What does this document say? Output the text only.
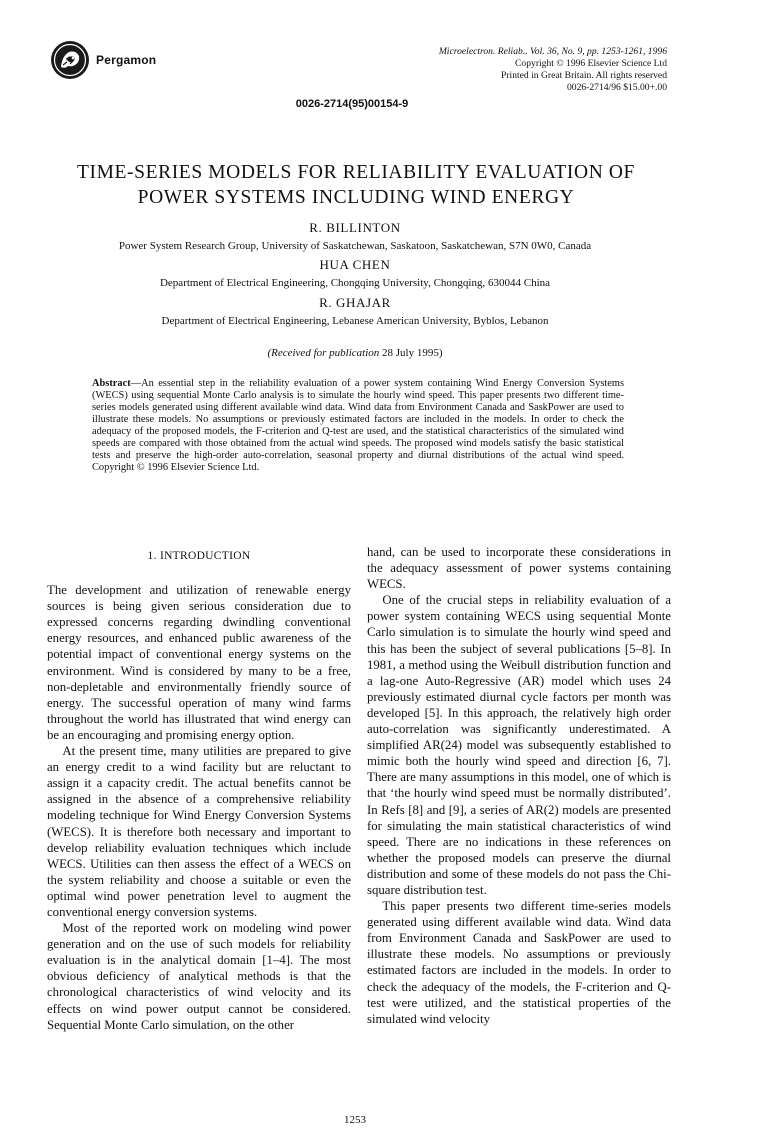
Pergamon
Microelectron. Reliab.. Vol. 36, No. 9, pp. 1253-1261, 1996
Copyright © 1996 Elsevier Science Ltd
Printed in Great Britain. All rights reserved
0026-2714/96 $15.00+.00
0026-2714(95)00154-9
TIME-SERIES MODELS FOR RELIABILITY EVALUATION OF
POWER SYSTEMS INCLUDING WIND ENERGY
R. BILLINTON
Power System Research Group, University of Saskatchewan, Saskatoon, Saskatchewan, S7N 0W0, Canada
HUA CHEN
Department of Electrical Engineering, Chongqing University, Chongqing, 630044 China
R. GHAJAR
Department of Electrical Engineering, Lebanese American University, Byblos, Lebanon
(Received for publication 28 July 1995)
Abstract—An essential step in the reliability evaluation of a power system containing Wind Energy Conversion Systems (WECS) using sequential Monte Carlo analysis is to simulate the hourly wind speed. This paper presents two different time-series models generated using different available wind data. Wind data from Environment Canada and SaskPower are used to illustrate these models. No assumptions or previously estimated factors are included in the models. In order to check the adequacy of the proposed models, the F-criterion and Q-test are used, and the statistical characteristics of the simulated wind speeds are compared with those obtained from the actual wind speeds. The proposed wind models satisfy the basic statistical tests and preserve the high-order auto-correlation, seasonal property and diurnal distributions of the actual wind speed. Copyright © 1996 Elsevier Science Ltd.
1. INTRODUCTION

The development and utilization of renewable energy sources is being given serious consideration due to expressed concerns regarding dwindling conventional energy resources, and enhanced public awareness of the potential impact of conventional energy systems on the environment. Wind is considered by many to be a free, non-depletable and environmentally friendly source of energy. The successful operation of many wind farms throughout the world has illustrated that wind energy can be an encouraging and promising energy option.

At the present time, many utilities are prepared to give an energy credit to a wind facility but are reluctant to assign it a capacity credit. The actual benefits cannot be assigned in the absence of a comprehensive reliability modeling technique for Wind Energy Conversion Systems (WECS). It is therefore both necessary and important to develop reliability evaluation techniques which include WECS. Utilities can then assess the effect of a WECS on the system reliability and choose a suitable or even the optimal wind power penetration level to augment the conventional energy conversion systems.

Most of the reported work on modeling wind power generation and on the use of such models for reliability evaluation is in the analytical domain [1–4]. The most obvious deficiency of analytical methods is that the chronological characteristics of wind velocity and its effects on wind power output cannot be considered. Sequential Monte Carlo simulation, on the other

hand, can be used to incorporate these considerations in the adequacy assessment of power systems containing WECS.

One of the crucial steps in reliability evaluation of a power system containing WECS using sequential Monte Carlo simulation is to simulate the hourly wind speed and this has been the subject of several publications [5–8]. In 1981, a method using the Weibull distribution function and a lag-one Auto-Regressive (AR) model which uses 24 previously estimated diurnal cycle factors per month was developed [5]. In this approach, the relatively high order auto-correlation was significantly underestimated. A simplified AR(24) model was subsequently established to mimic both the hourly wind speed and direction [6, 7]. There are many assumptions in this model, one of which is that ‘the hourly wind speed must be normally distributed’. In Refs [8] and [9], a series of AR(2) models are presented for simulating the main statistical characteristics of wind speed. There are no indications in these references on whether the proposed models can preserve the diurnal distribution and some of these models do not pass the Chi-square distribution test.

This paper presents two different time-series models generated using different available wind data. Wind data from Environment Canada and SaskPower are used to illustrate these models. No assumptions or previously estimated factors are included in the models. In order to check the adequacy of the models, the F-criterion and Q-test were utilized, and the statistical properties of the simulated wind velocity

1253
